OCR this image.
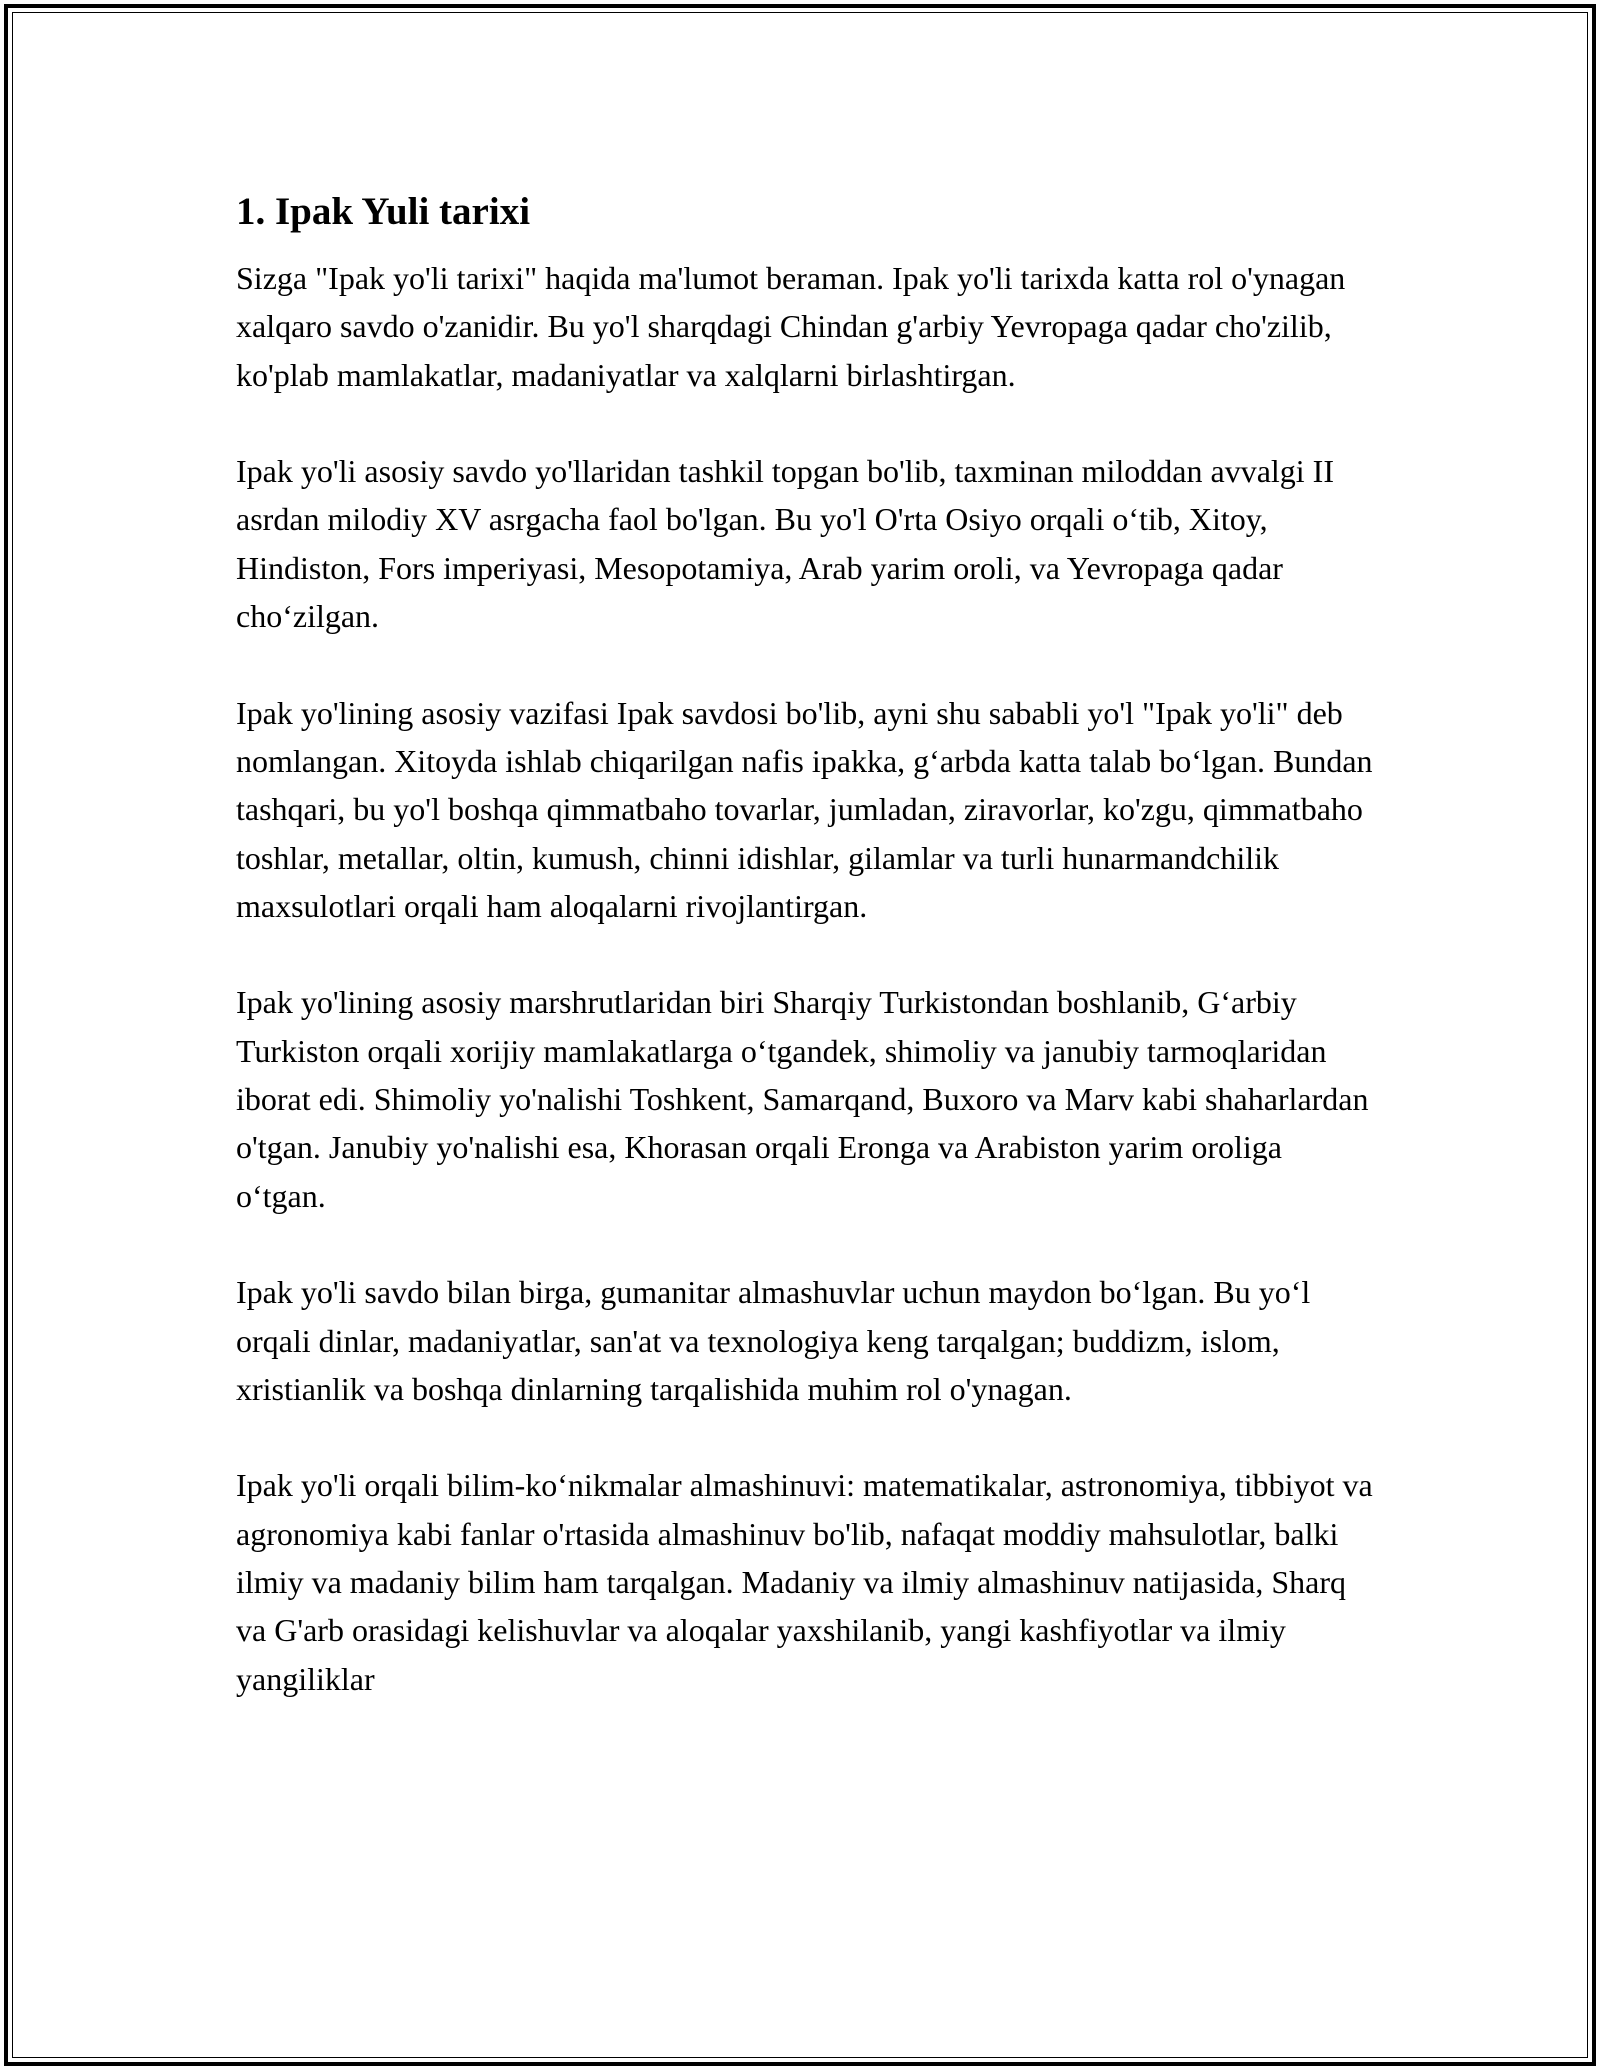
1. Ipak Yuli tarixi

Sizga "Ipak yo'li tarixi" haqida ma'lumot beraman. Ipak yo'li tarixda katta rol o'ynagan xalqaro savdo o'zanidir. Bu yo'l sharqdagi Chindan g'arbiy Yevropaga qadar cho'zilib, ko'plab mamlakatlar, madaniyatlar va xalqlarni birlashtirgan.

Ipak yo'li asosiy savdo yo'llaridan tashkil topgan bo'lib, taxminan miloddan avvalgi II asrdan milodiy XV asrgacha faol bo'lgan. Bu yo'l O'rta Osiyo orqali o‘tib, Xitoy, Hindiston, Fors imperiyasi, Mesopotamiya, Arab yarim oroli, va Yevropaga qadar cho‘zilgan.

Ipak yo'lining asosiy vazifasi Ipak savdosi bo'lib, ayni shu sababli yo'l "Ipak yo'li" deb nomlangan. Xitoyda ishlab chiqarilgan nafis ipakka, g‘arbda katta talab bo‘lgan. Bundan tashqari, bu yo'l boshqa qimmatbaho tovarlar, jumladan, ziravorlar, ko'zgu, qimmatbaho toshlar, metallar, oltin, kumush, chinni idishlar, gilamlar va turli hunarmandchilik maxsulotlari orqali ham aloqalarni rivojlantirgan.

Ipak yo'lining asosiy marshrutlaridan biri Sharqiy Turkistondan boshlanib, G‘arbiy Turkiston orqali xorijiy mamlakatlarga o‘tgandek, shimoliy va janubiy tarmoqlaridan iborat edi. Shimoliy yo'nalishi Toshkent, Samarqand, Buxoro va Marv kabi shaharlardan o'tgan. Janubiy yo'nalishi esa, Khorasan orqali Eronga va Arabiston yarim oroliga o‘tgan.

Ipak yo'li savdo bilan birga, gumanitar almashuvlar uchun maydon bo‘lgan. Bu yo‘l orqali dinlar, madaniyatlar, san'at va texnologiya keng tarqalgan; buddizm, islom, xristianlik va boshqa dinlarning tarqalishida muhim rol o'ynagan.

Ipak yo'li orqali bilim-ko‘nikmalar almashinuvi: matematikalar, astronomiya, tibbiyot va agronomiya kabi fanlar o'rtasida almashinuv bo'lib, nafaqat moddiy mahsulotlar, balki ilmiy va madaniy bilim ham tarqalgan. Madaniy va ilmiy almashinuv natijasida, Sharq va G'arb orasidagi kelishuvlar va aloqalar yaxshilanib, yangi kashfiyotlar va ilmiy yangiliklar
